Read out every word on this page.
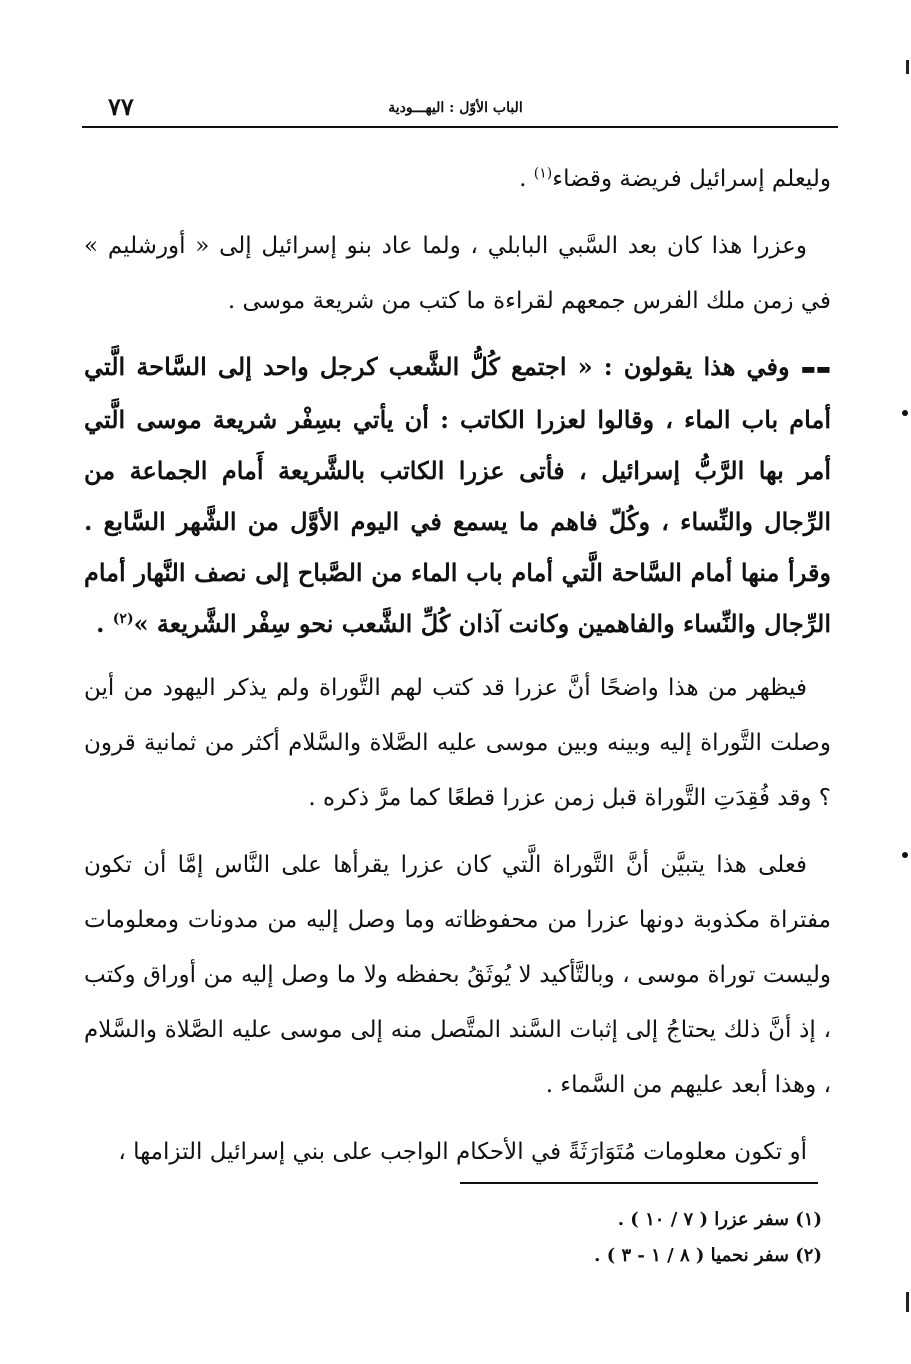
٧٧	الباب الأوّل : اليهـــودية

وليعلم إسرائيل فريضة وقضاء$^{(١)}$ .

وعزرا هذا كان بعد السَّبي البابلي ، ولما عاد بنو إسرائيل إلى « أورشليم » في زمن ملك الفرس جمعهم لقراءة ما كتب من شريعة موسى .

▬▬ وفي هذا يقولون : « اجتمع كُلُّ الشَّعب كرجل واحد إلى السَّاحة الَّتي أمام باب الماء ، وقالوا لعزرا الكاتب : أن يأتي بسِفْر شريعة موسى الَّتي أمر بها الرَّبُّ إسرائيل ، فأتى عزرا الكاتب بالشَّريعة أَمام الجماعة من الرِّجال والنِّساء ، وكُلّ فاهم ما يسمع في اليوم الأوَّل من الشَّهر السَّابع . وقرأ منها أمام السَّاحة الَّتي أمام باب الماء من الصَّباح إلى نصف النَّهار أمام الرِّجال والنِّساء والفاهمين وكانت آذان كُلِّ الشَّعب نحو سِفْر الشَّريعة »$^{(٢)}$ .

فيظهر من هذا واضحًا أنَّ عزرا قد كتب لهم التَّوراة ولم يذكر اليهود من أين وصلت التَّوراة إليه وبينه وبين موسى عليه الصَّلاة والسَّلام أكثر من ثمانية قرون ؟ وقد فُقِدَتِ التَّوراة قبل زمن عزرا قطعًا كما مرَّ ذكره .

فعلى هذا يتبيَّن أنَّ التَّوراة الَّتي كان عزرا يقرأها على النَّاس إمَّا أن تكون مفتراة مكذوبة دونها عزرا من محفوظاته وما وصل إليه من مدونات ومعلومات وليست توراة موسى ، وبالتَّأكيد لا يُوثَقُ بحفظه ولا ما وصل إليه من أوراق وكتب ، إذ أنَّ ذلك يحتاجُ إلى إثبات السَّند المتَّصل منه إلى موسى عليه الصَّلاة والسَّلام ، وهذا أبعد عليهم من السَّماء .

أو تكون معلومات مُتَوَارَثَةً في الأحكام الواجب على بني إسرائيل التزامها ،

(١) سفر عزرا ( ٧ / ١٠ ) .
(٢) سفر نحميا ( ٨ / ١ - ٣ ) .
